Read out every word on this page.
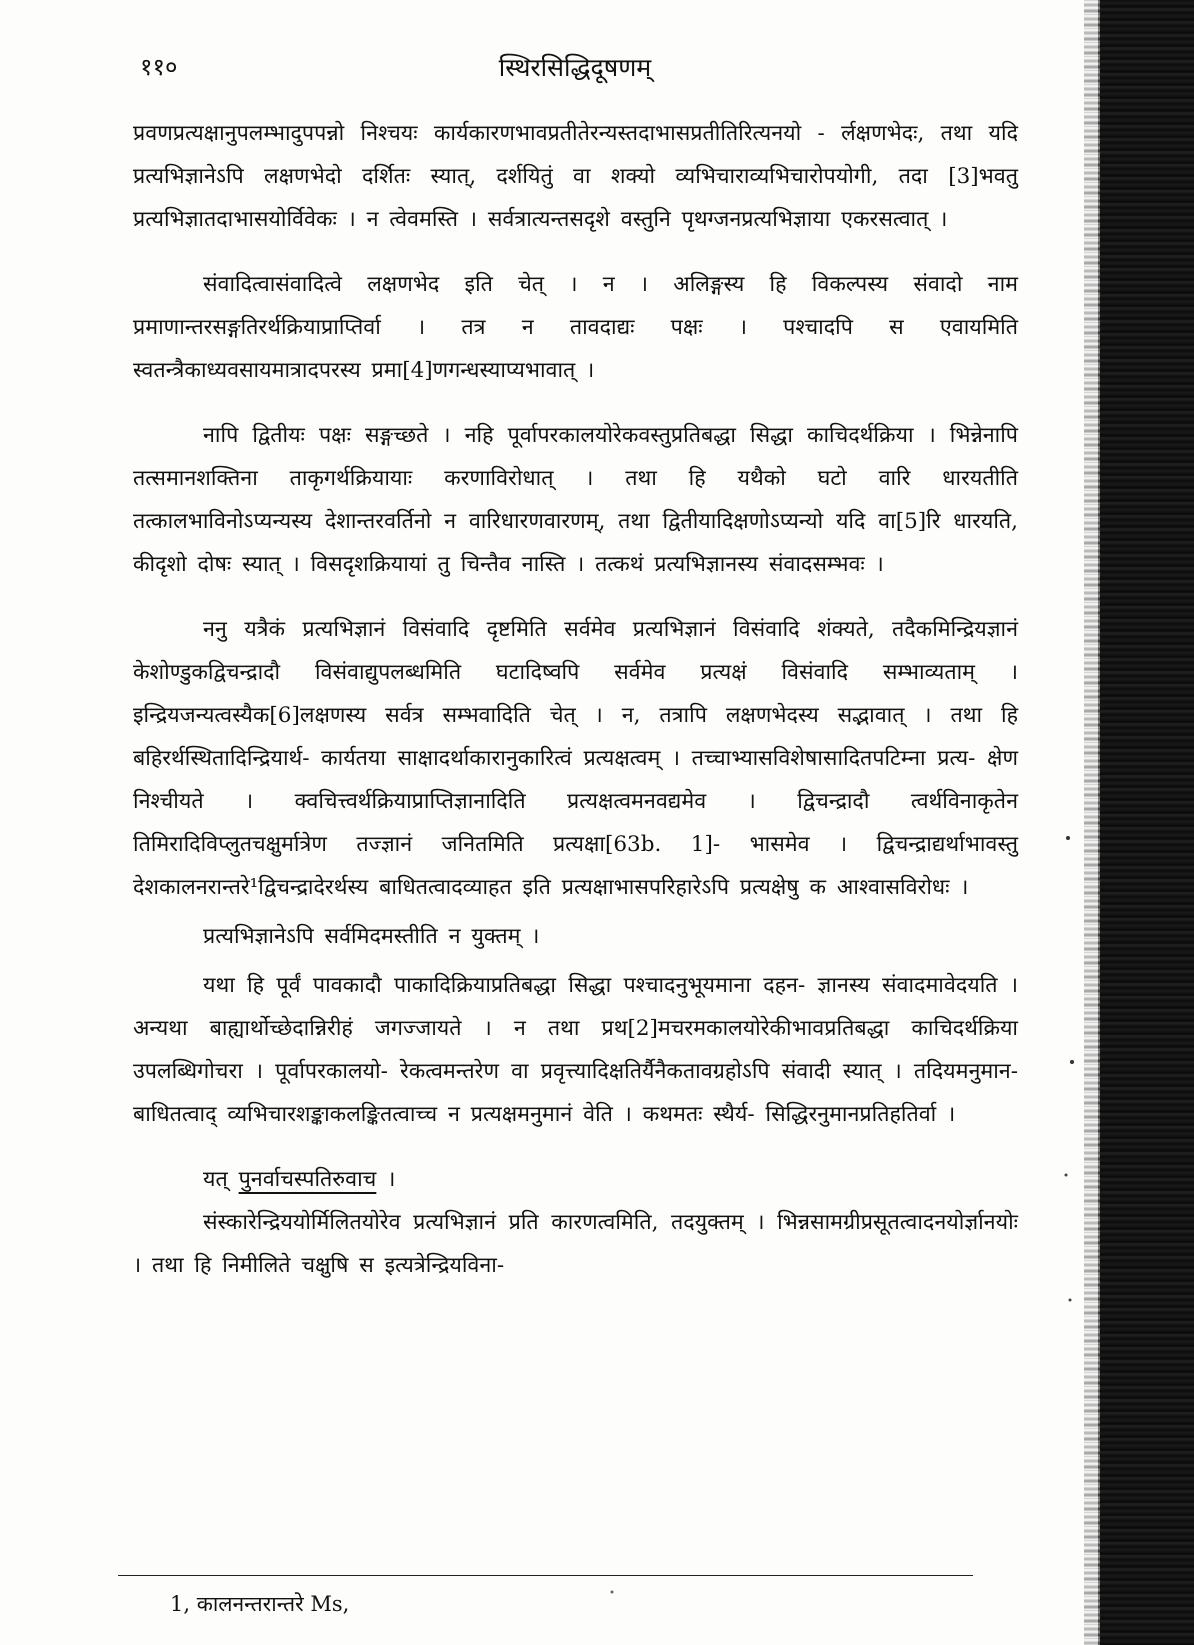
११०	स्थिरसिद्धिदूषणम्

प्रवणप्रत्यक्षानुपलम्भादुपपन्नो निश्चयः कार्यकारणभावप्रतीतेरन्यस्तदाभासप्रतीतिरित्यनयो - र्लक्षणभेदः, तथा यदि प्रत्यभिज्ञानेऽपि लक्षणभेदो दर्शितः स्यात्, दर्शयितुं वा शक्यो व्यभिचाराव्यभिचारोपयोगी, तदा [3]भवतु प्रत्यभिज्ञातदाभासयोर्विवेकः । न त्वेवमस्ति । सर्वत्रात्यन्तसदृशे वस्तुनि पृथग्जनप्रत्यभिज्ञाया एकरसत्वात् ।

संवादित्वासंवादित्वे लक्षणभेद इति चेत् । न । अलिङ्गस्य हि विकल्पस्य संवादो नाम प्रमाणान्तरसङ्गतिरर्थक्रियाप्राप्तिर्वा । तत्र न तावदाद्यः पक्षः । पश्चादपि स एवायमिति स्वतन्त्रैकाध्यवसायमात्रादपरस्य प्रमा[4]णगन्धस्याप्यभावात् ।

नापि द्वितीयः पक्षः सङ्गच्छते । नहि पूर्वापरकालयोरेकवस्तुप्रतिबद्धा सिद्धा काचिदर्थक्रिया । भिन्नेनापि तत्समानशक्तिना ताकृगर्थक्रियायाः करणाविरोधात् । तथा हि यथैको घटो वारि धारयतीति तत्कालभाविनोऽप्यन्यस्य देशान्तरवर्तिनो न वारिधारणवारणम्, तथा द्वितीयादिक्षणोऽप्यन्यो यदि वा[5]रि धारयति, कीदृशो दोषः स्यात् । विसदृशक्रियायां तु चिन्तैव नास्ति । तत्कथं प्रत्यभिज्ञानस्य संवादसम्भवः ।

ननु यत्रैकं प्रत्यभिज्ञानं विसंवादि दृष्टमिति सर्वमेव प्रत्यभिज्ञानं विसंवादि शंक्यते, तदैकमिन्द्रियज्ञानं केशोण्डुकद्विचन्द्रादौ विसंवाद्युपलब्धमिति घटादिष्वपि सर्वमेव प्रत्यक्षं विसंवादि सम्भाव्यताम् । इन्द्रियजन्यत्वस्यैक[6]लक्षणस्य सर्वत्र सम्भवादिति चेत् । न, तत्रापि लक्षणभेदस्य सद्भावात् । तथा हि बहिरर्थस्थितादिन्द्रियार्थ- कार्यतया साक्षादर्थाकारानुकारित्वं प्रत्यक्षत्वम् । तच्चाभ्यासविशेषासादितपटिम्ना प्रत्य- क्षेण निश्चीयते । क्वचित्त्वर्थक्रियाप्राप्तिज्ञानादिति प्रत्यक्षत्वमनवद्यमेव । द्विचन्द्रादौ त्वर्थविनाकृतेन तिमिरादिविप्लुतचक्षुर्मात्रेण तज्ज्ञानं जनितमिति प्रत्यक्षा[63b. 1]- भासमेव । द्विचन्द्राद्यर्थाभावस्तु देशकालनरान्तरे¹द्विचन्द्रादेरर्थस्य बाधितत्वादव्याहत इति प्रत्यक्षाभासपरिहारेऽपि प्रत्यक्षेषु क आश्वासविरोधः ।

प्रत्यभिज्ञानेऽपि सर्वमिदमस्तीति न युक्तम् ।

यथा हि पूर्वं पावकादौ पाकादिक्रियाप्रतिबद्धा सिद्धा पश्चादनुभूयमाना दहन- ज्ञानस्य संवादमावेदयति । अन्यथा बाह्यार्थोच्छेदान्निरीहं जगज्जायते । न तथा प्रथ[2]मचरमकालयोरेकीभावप्रतिबद्धा काचिदर्थक्रिया उपलब्धिगोचरा । पूर्वापरकालयो- रेकत्वमन्तरेण वा प्रवृत्त्यादिक्षतिर्यैनैकतावग्रहोऽपि संवादी स्यात् । तदियमनुमान- बाधितत्वाद् व्यभिचारशङ्काकलङ्कितत्वाच्च न प्रत्यक्षमनुमानं वेति । कथमतः स्थैर्य- सिद्धिरनुमानप्रतिहतिर्वा ।

यत् पुनर्वाचस्पतिरुवाच ।

संस्कारेन्द्रिययोर्मिलितयोरेव प्रत्यभिज्ञानं प्रति कारणत्वमिति, तदयुक्तम् । भिन्नसामग्रीप्रसूतत्वादनयोर्ज्ञानयोः । तथा हि निमीलिते चक्षुषि स इत्यत्रेन्द्रियविना-

1, कालनन्तरान्तरे Ms,
